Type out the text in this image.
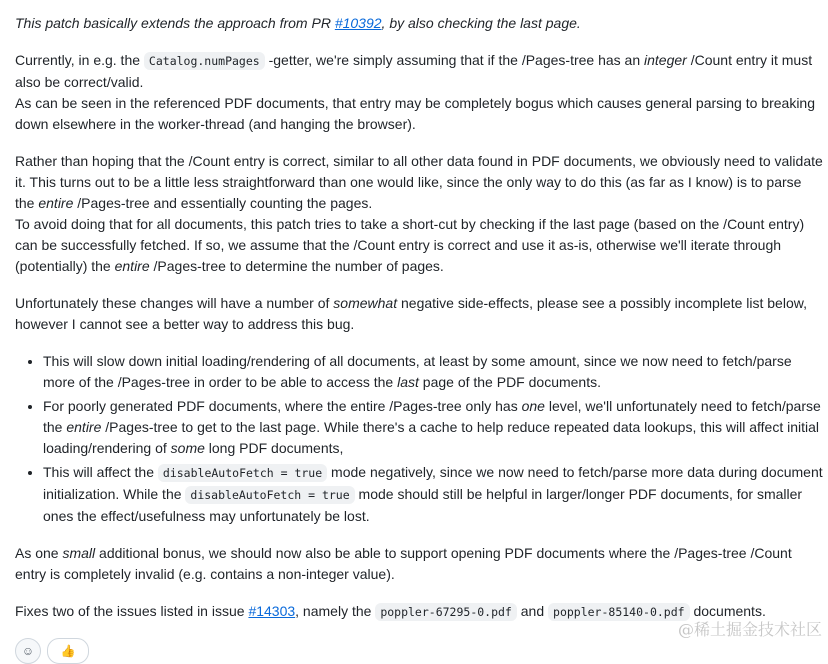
This patch basically extends the approach from PR #10392, by also checking the last page.

Currently, in e.g. the Catalog.numPages -getter, we're simply assuming that if the /Pages-tree has an integer /Count entry it must also be correct/valid.
As can be seen in the referenced PDF documents, that entry may be completely bogus which causes general parsing to breaking down elsewhere in the worker-thread (and hanging the browser).

Rather than hoping that the /Count entry is correct, similar to all other data found in PDF documents, we obviously need to validate it. This turns out to be a little less straightforward than one would like, since the only way to do this (as far as I know) is to parse the entire /Pages-tree and essentially counting the pages.
To avoid doing that for all documents, this patch tries to take a short-cut by checking if the last page (based on the /Count entry) can be successfully fetched. If so, we assume that the /Count entry is correct and use it as-is, otherwise we'll iterate through (potentially) the entire /Pages-tree to determine the number of pages.

Unfortunately these changes will have a number of somewhat negative side-effects, please see a possibly incomplete list below, however I cannot see a better way to address this bug.

• This will slow down initial loading/rendering of all documents, at least by some amount, since we now need to fetch/parse more of the /Pages-tree in order to be able to access the last page of the PDF documents.
• For poorly generated PDF documents, where the entire /Pages-tree only has one level, we'll unfortunately need to fetch/parse the entire /Pages-tree to get to the last page. While there's a cache to help reduce repeated data lookups, this will affect initial loading/rendering of some long PDF documents,
• This will affect the disableAutoFetch = true mode negatively, since we now need to fetch/parse more data during document initialization. While the disableAutoFetch = true mode should still be helpful in larger/longer PDF documents, for smaller ones the effect/usefulness may unfortunately be lost.

As one small additional bonus, we should now also be able to support opening PDF documents where the /Pages-tree /Count entry is completely invalid (e.g. contains a non-integer value).

Fixes two of the issues listed in issue #14303, namely the poppler-67295-0.pdf and poppler-85140-0.pdf documents.

☺ 👍
@稀土掘金技术社区
